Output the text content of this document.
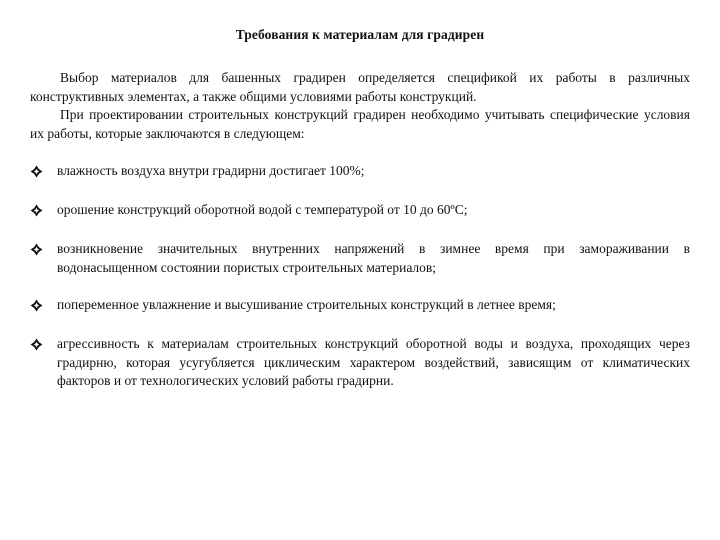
Требования к материалам для градирен

Выбор материалов для башенных градирен определяется спецификой их работы в различных конструктивных элементах, а также общими условиями работы конструкций.

При проектировании строительных конструкций градирен необходимо учитывать специфические условия их работы, которые заключаются в следующем:

влажность воздуха внутри градирни достигает 100%;
орошение конструкций оборотной водой с температурой от 10 до 60ºС;
возникновение значительных внутренних напряжений в зимнее время при замораживании в водонасыщенном состоянии пористых строительных материалов;
попеременное увлажнение и высушивание строительных конструкций в летнее время;
агрессивность к материалам строительных конструкций оборотной воды и воздуха, проходящих через градирню, которая усугубляется циклическим характером воздействий, зависящим от климатических факторов и от технологических условий работы градирни.
